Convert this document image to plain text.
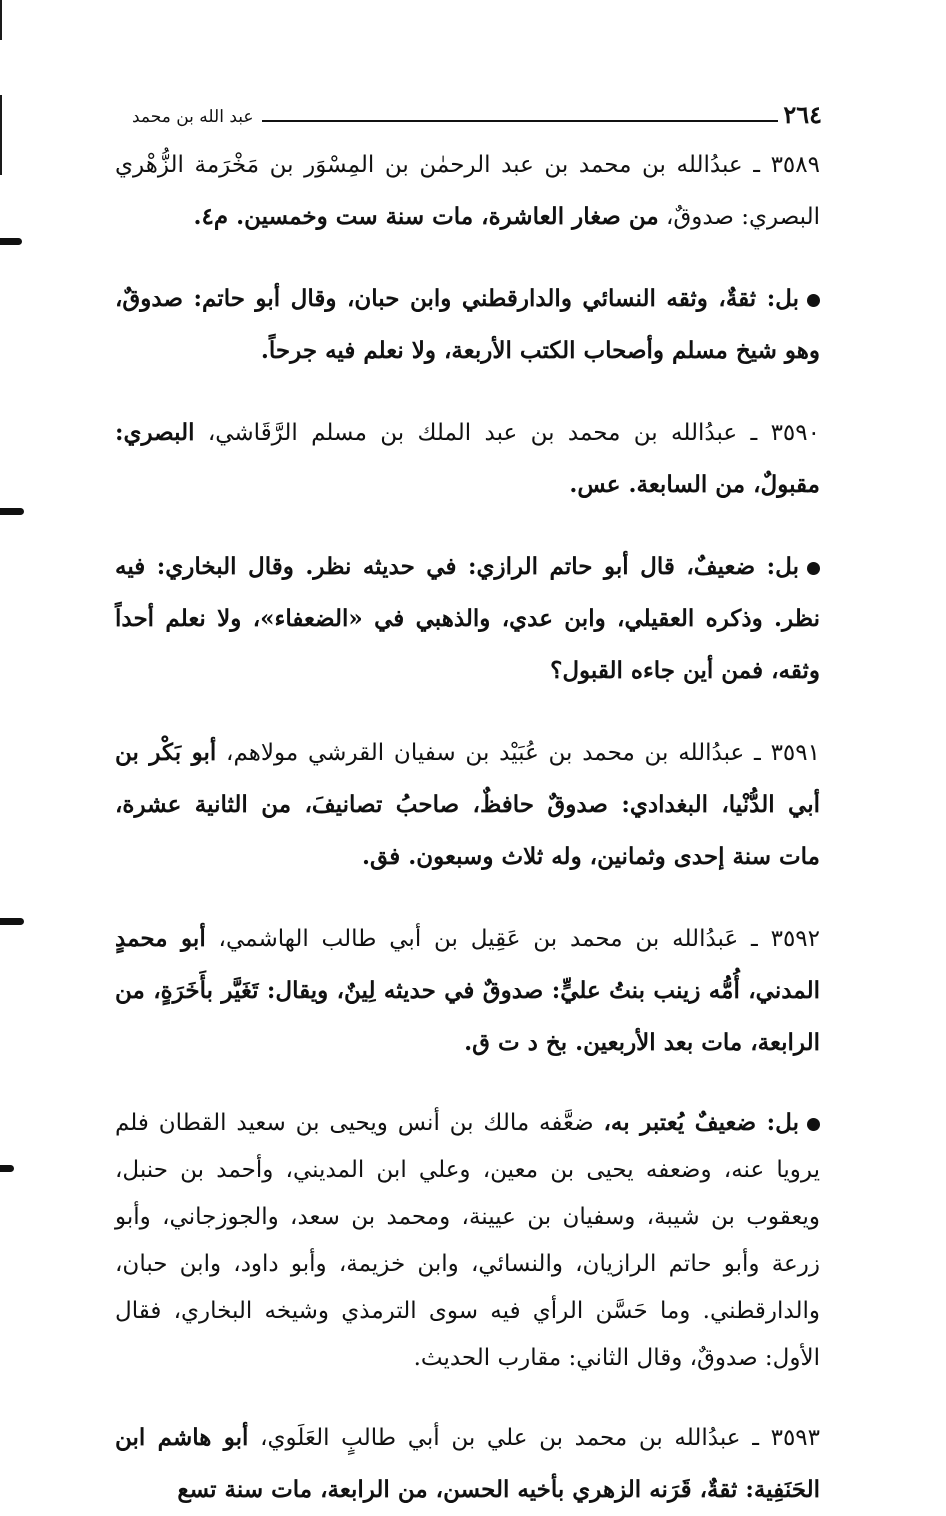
٢٦٤
عبد الله بن محمد

٣٥٨٩ ـ عبدُالله بن محمد بن عبد الرحمٰن بن المِسْوَر بن مَخْرَمة الزُّهْري البصري: صدوقٌ، من صغار العاشرة، مات سنة ست وخمسين. م٤.

بل: ثقةٌ، وثقه النسائي والدارقطني وابن حبان، وقال أبو حاتم: صدوقٌ، وهو شيخ مسلم وأصحاب الكتب الأربعة، ولا نعلم فيه جرحاً.

٣٥٩٠ ـ عبدُالله بن محمد بن عبد الملك بن مسلم الرَّقَاشي، البصري: مقبولٌ، من السابعة. عس.

بل: ضعيفٌ، قال أبو حاتم الرازي: في حديثه نظر. وقال البخاري: فيه نظر. وذكره العقيلي، وابن عدي، والذهبي في «الضعفاء»، ولا نعلم أحداً وثقه، فمن أين جاءه القبول؟

٣٥٩١ ـ عبدُالله بن محمد بن عُبَيْد بن سفيان القرشي مولاهم، أبو بَكْر بن أبي الدُّنْيا، البغدادي: صدوقٌ حافظٌ، صاحبُ تصانيفَ، من الثانية عشرة، مات سنة إحدى وثمانين، وله ثلاث وسبعون. فق.

٣٥٩٢ ـ عَبدُالله بن محمد بن عَقِيل بن أبي طالب الهاشمي، أبو محمدٍ المدني، أُمُّه زينب بنتُ عليٍّ: صدوقٌ في حديثه لِينٌ، ويقال: تَغَيَّر بأَخَرَةٍ، من الرابعة، مات بعد الأربعين. بخ د ت ق.

بل: ضعيفٌ يُعتبر به، ضعَّفه مالك بن أنس ويحيى بن سعيد القطان فلم يرويا عنه، وضعفه يحيى بن معين، وعلي ابن المديني، وأحمد بن حنبل، ويعقوب بن شيبة، وسفيان بن عيينة، ومحمد بن سعد، والجوزجاني، وأبو زرعة وأبو حاتم الرازيان، والنسائي، وابن خزيمة، وأبو داود، وابن حبان، والدارقطني. وما حَسَّن الرأي فيه سوى الترمذي وشيخه البخاري، فقال الأول: صدوقٌ، وقال الثاني: مقارب الحديث.

٣٥٩٣ ـ عبدُالله بن محمد بن علي بن أبي طالبٍ العَلَوي، أبو هاشم ابن الحَنَفِية: ثقةٌ، قَرَنه الزهري بأخيه الحسن، من الرابعة، مات سنة تسع
